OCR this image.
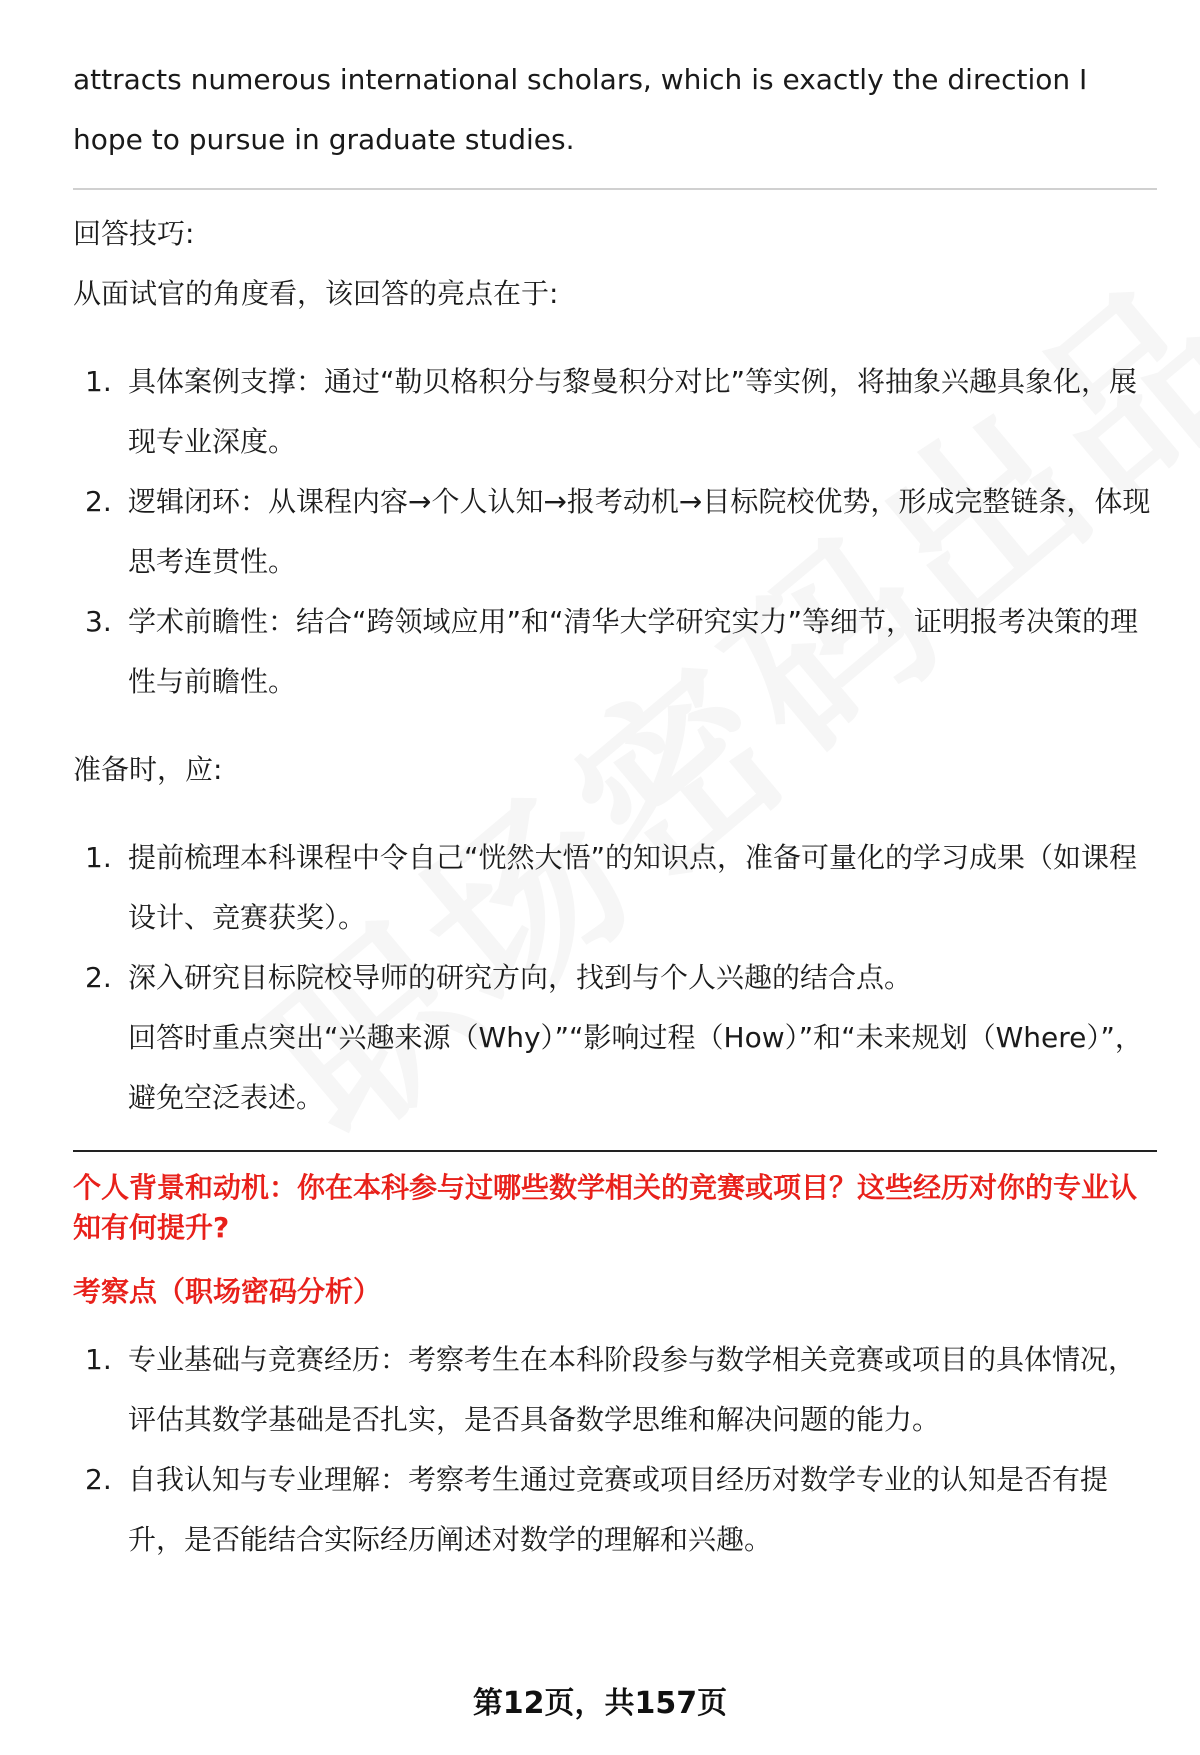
attracts numerous international scholars, which is exactly the direction I hope to pursue in graduate studies.

回答技巧:

从面试官的角度看，该回答的亮点在于:

1. 具体案例支撑：通过“勒贝格积分与黎曼积分对比”等实例，将抽象兴趣具象化，展现专业深度。
2. 逻辑闭环：从课程内容→个人认知→报考动机→目标院校优势，形成完整链条，体现思考连贯性。
3. 学术前瞻性：结合“跨领域应用”和“清华大学研究实力”等细节，证明报考决策的理性与前瞻性。

准备时，应:

1. 提前梳理本科课程中令自己“恍然大悟”的知识点，准备可量化的学习成果（如课程设计、竞赛获奖）。
2. 深入研究目标院校导师的研究方向，找到与个人兴趣的结合点。
回答时重点突出“兴趣来源（Why）”“影响过程（How）”和“未来规划（Where）”，避免空泛表述。

个人背景和动机：你在本科参与过哪些数学相关的竞赛或项目？这些经历对你的专业认知有何提升?

考察点（职场密码分析）

1. 专业基础与竞赛经历：考察考生在本科阶段参与数学相关竞赛或项目的具体情况，评估其数学基础是否扎实，是否具备数学思维和解决问题的能力。
2. 自我认知与专业理解：考察考生通过竞赛或项目经历对数学专业的认知是否有提升，是否能结合实际经历阐述对数学的理解和兴趣。
第12页，共157页
